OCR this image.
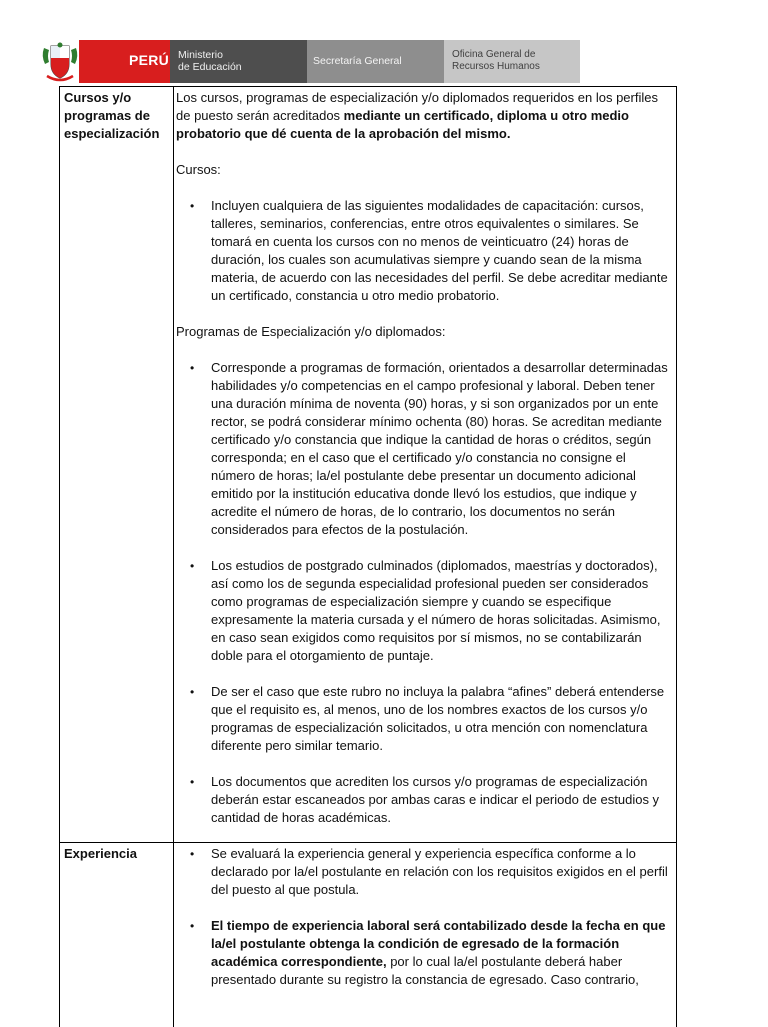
PERÚ Ministerio
de Educación	Secretaría General
Oficina General de
Recursos Humanos

Cursos y/o programas de especialización

Los cursos, programas de especialización y/o diplomados requeridos en los perfiles de puesto serán acreditados mediante un certificado, diploma u otro medio probatorio que dé cuenta de la aprobación del mismo.

Cursos:

• Incluyen cualquiera de las siguientes modalidades de capacitación: cursos, talleres, seminarios, conferencias, entre otros equivalentes o similares. Se tomará en cuenta los cursos con no menos de veinticuatro (24) horas de duración, los cuales son acumulativas siempre y cuando sean de la misma materia, de acuerdo con las necesidades del perfil. Se debe acreditar mediante un certificado, constancia u otro medio probatorio.

Programas de Especialización y/o diplomados:

• Corresponde a programas de formación, orientados a desarrollar determinadas habilidades y/o competencias en el campo profesional y laboral. Deben tener una duración mínima de noventa (90) horas, y si son organizados por un ente rector, se podrá considerar mínimo ochenta (80) horas. Se acreditan mediante certificado y/o constancia que indique la cantidad de horas o créditos, según corresponda; en el caso que el certificado y/o constancia no consigne el número de horas; la/el postulante debe presentar un documento adicional emitido por la institución educativa donde llevó los estudios, que indique y acredite el número de horas, de lo contrario, los documentos no serán considerados para efectos de la postulación.
• Los estudios de postgrado culminados (diplomados, maestrías y doctorados), así como los de segunda especialidad profesional pueden ser considerados como programas de especialización siempre y cuando se especifique expresamente la materia cursada y el número de horas solicitadas. Asimismo, en caso sean exigidos como requisitos por sí mismos, no se contabilizarán doble para el otorgamiento de puntaje.
• De ser el caso que este rubro no incluya la palabra “afines” deberá entenderse que el requisito es, al menos, uno de los nombres exactos de los cursos y/o programas de especialización solicitados, u otra mención con nomenclatura diferente pero similar temario.
• Los documentos que acrediten los cursos y/o programas de especialización deberán estar escaneados por ambas caras e indicar el periodo de estudios y cantidad de horas académicas.

Experiencia

•	Se evaluará la experiencia general y experiencia específica conforme a lo declarado por la/el postulante en relación con los requisitos exigidos en el perfil del puesto al que postula.
• El tiempo de experiencia laboral será contabilizado desde la fecha en que la/el postulante obtenga la condición de egresado de la formación académica correspondiente, por lo cual la/el postulante deberá haber presentado durante su registro la constancia de egresado. Caso contrario,
